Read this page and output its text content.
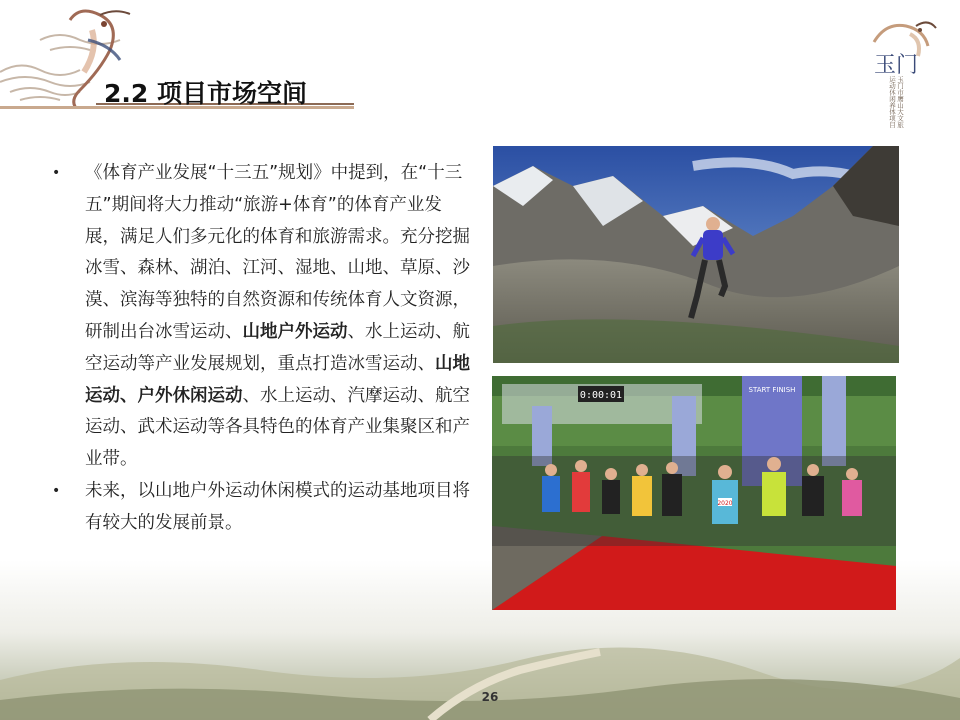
2.2 项目市场空间
玉门
运动休闲养体项目 玉门市鹰山大文旅
• 《体育产业发展“十三五”规划》中提到，在“十三五”期间将大力推动“旅游+体育”的体育产业发展，满足人们多元化的体育和旅游需求。充分挖掘冰雪、森林、湖泊、江河、湿地、山地、草原、沙漠、滨海等独特的自然资源和传统体育人文资源，研制出台冰雪运动、山地户外运动、水上运动、航空运动等产业发展规划，重点打造冰雪运动、山地运动、户外休闲运动、水上运动、汽摩运动、航空运动、武术运动等各具特色的体育产业集聚区和产业带。

• 未来，以山地户外运动休闲模式的运动基地项目将有较大的发展前景。

0:00:01	START FINISH
2020
26
